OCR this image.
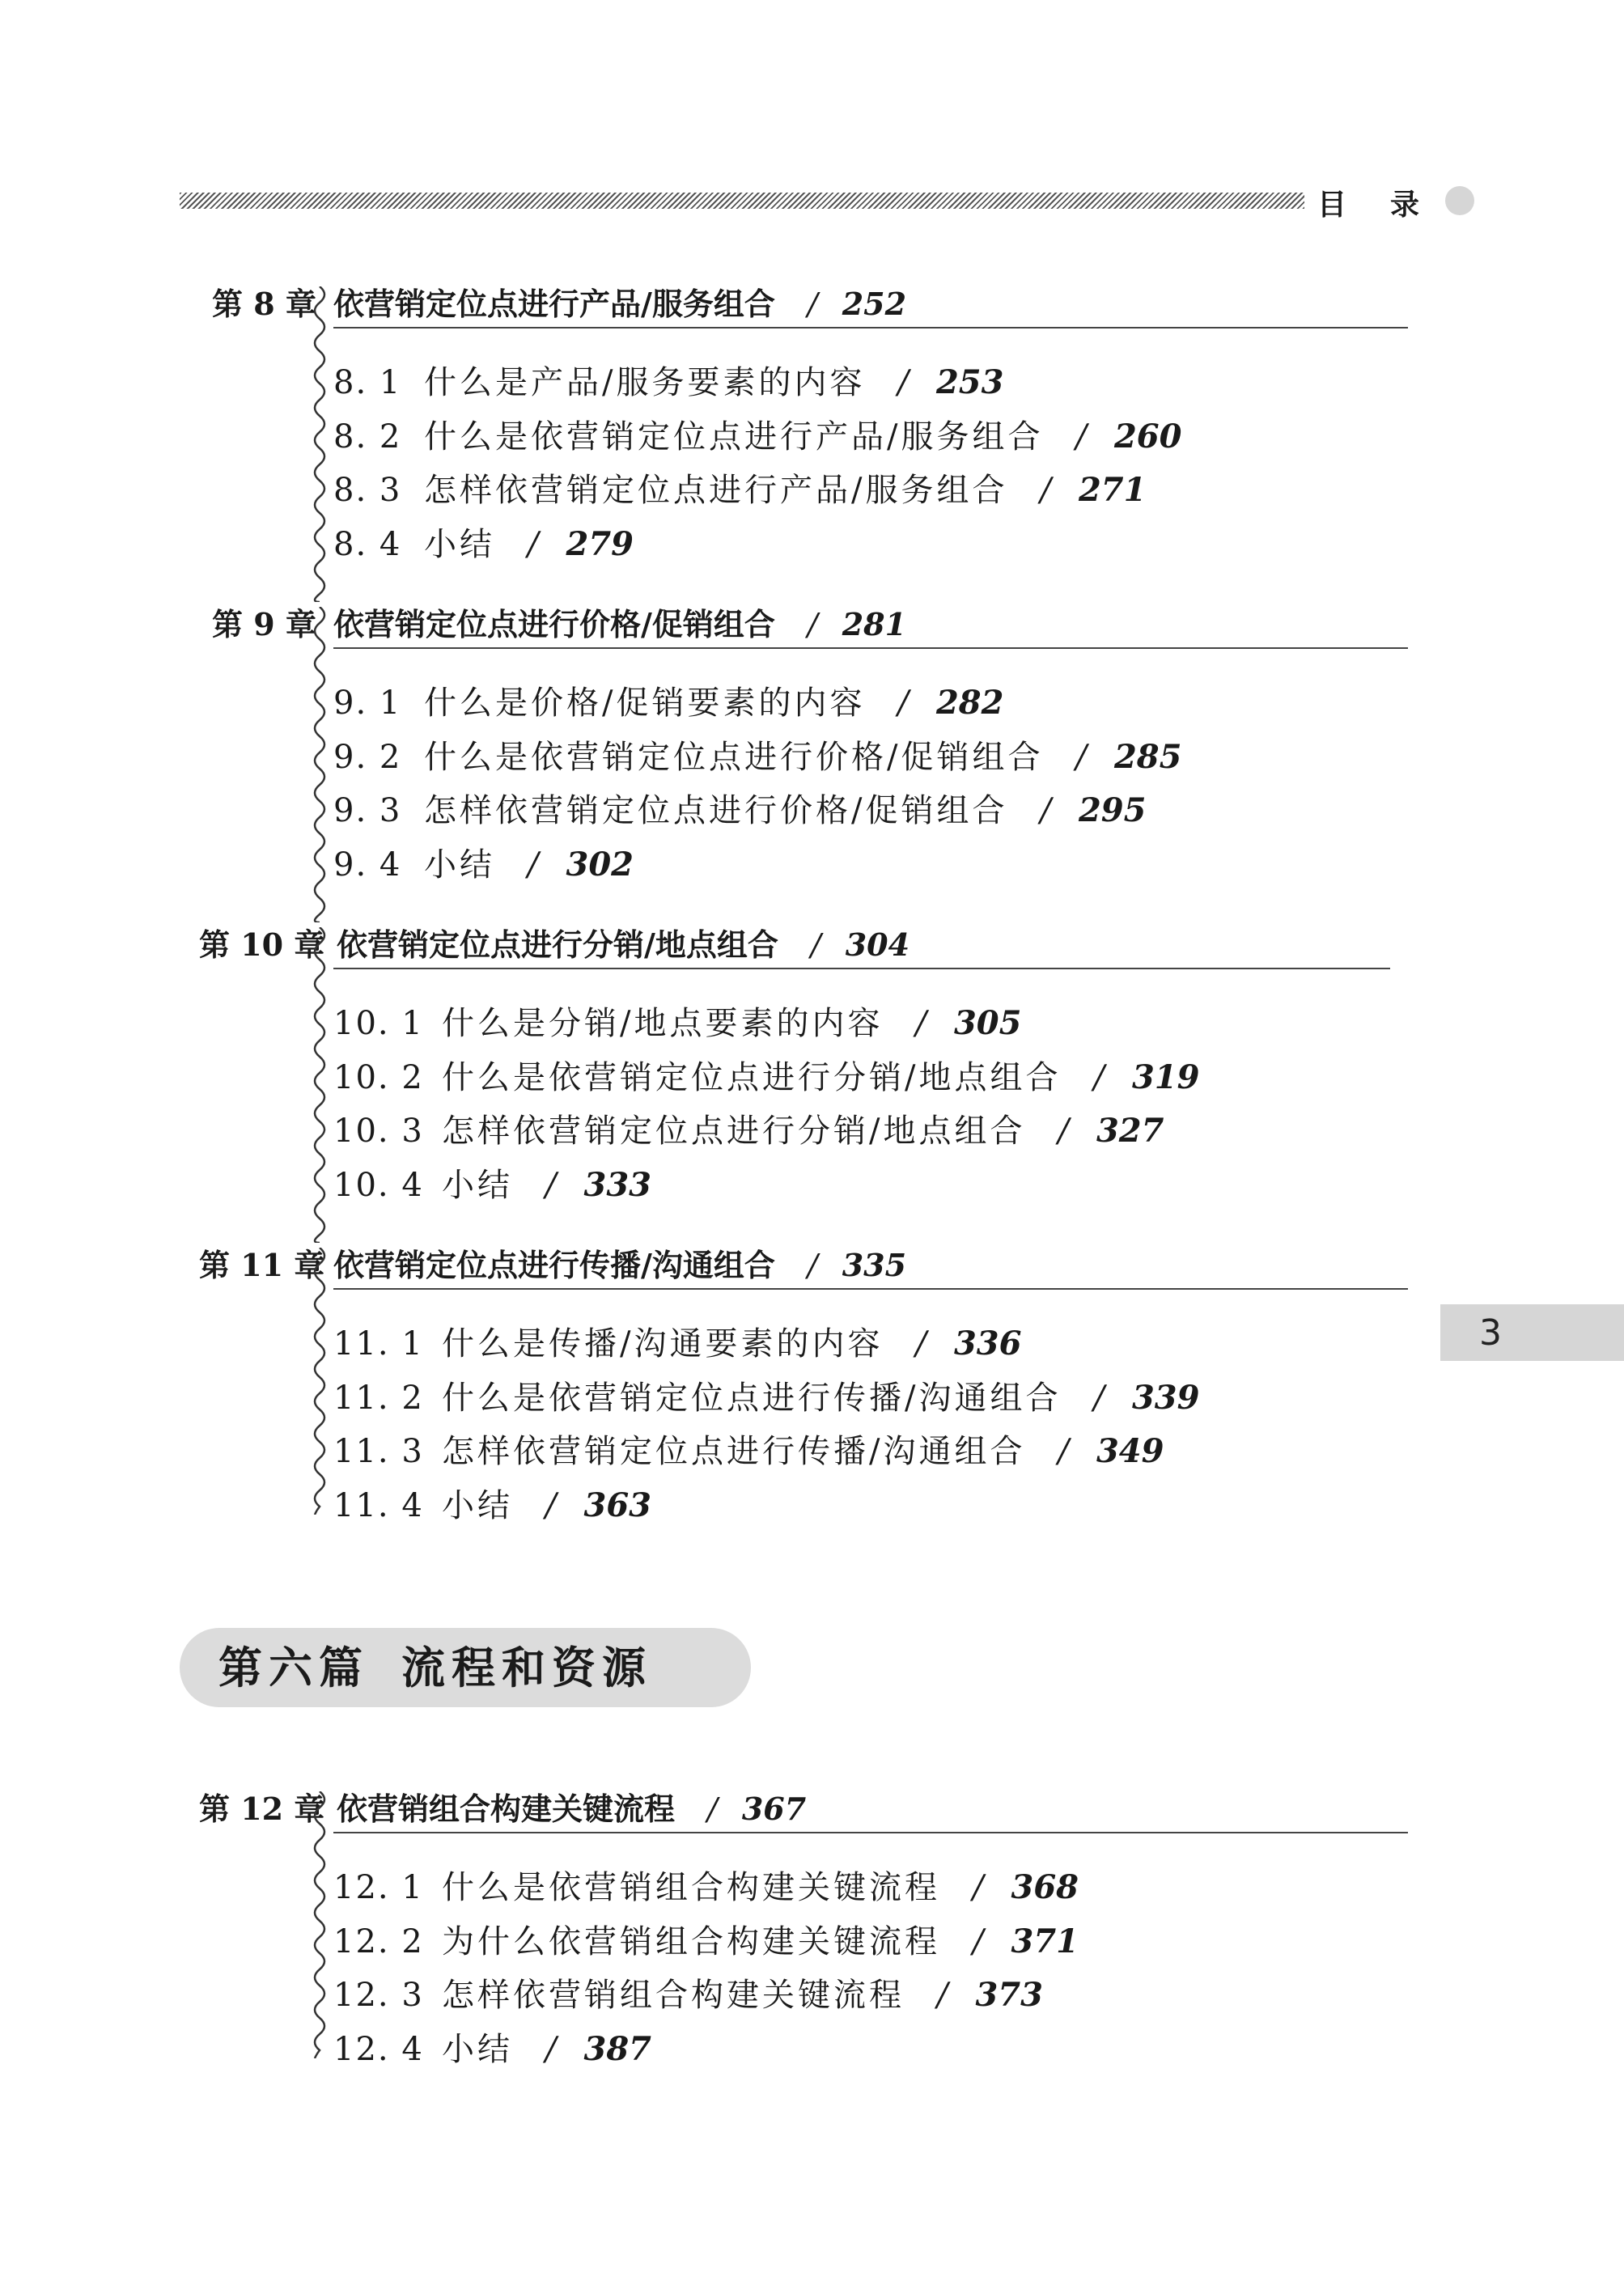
目 录
3
第 8 章 依营销定位点进行产品/服务组合 / 252
8. 1 什么是产品/服务要素的内容 / 253
8. 2 什么是依营销定位点进行产品/服务组合 / 260
8. 3 怎样依营销定位点进行产品/服务组合 / 271
8. 4 小结 / 279
第 9 章 依营销定位点进行价格/促销组合 / 281
9. 1 什么是价格/促销要素的内容 / 282
9. 2 什么是依营销定位点进行价格/促销组合 / 285
9. 3 怎样依营销定位点进行价格/促销组合 / 295
9. 4 小结 / 302
第 10 章 依营销定位点进行分销/地点组合 / 304
10. 1 什么是分销/地点要素的内容 / 305
10. 2 什么是依营销定位点进行分销/地点组合 / 319
10. 3 怎样依营销定位点进行分销/地点组合 / 327
10. 4 小结 / 333
第 11 章 依营销定位点进行传播/沟通组合 / 335
11. 1 什么是传播/沟通要素的内容 / 336
11. 2 什么是依营销定位点进行传播/沟通组合 / 339
11. 3 怎样依营销定位点进行传播/沟通组合 / 349
11. 4 小结 / 363
第六篇 流程和资源
第 12 章 依营销组合构建关键流程 / 367
12. 1 什么是依营销组合构建关键流程 / 368
12. 2 为什么依营销组合构建关键流程 / 371
12. 3 怎样依营销组合构建关键流程 / 373
12. 4 小结 / 387
